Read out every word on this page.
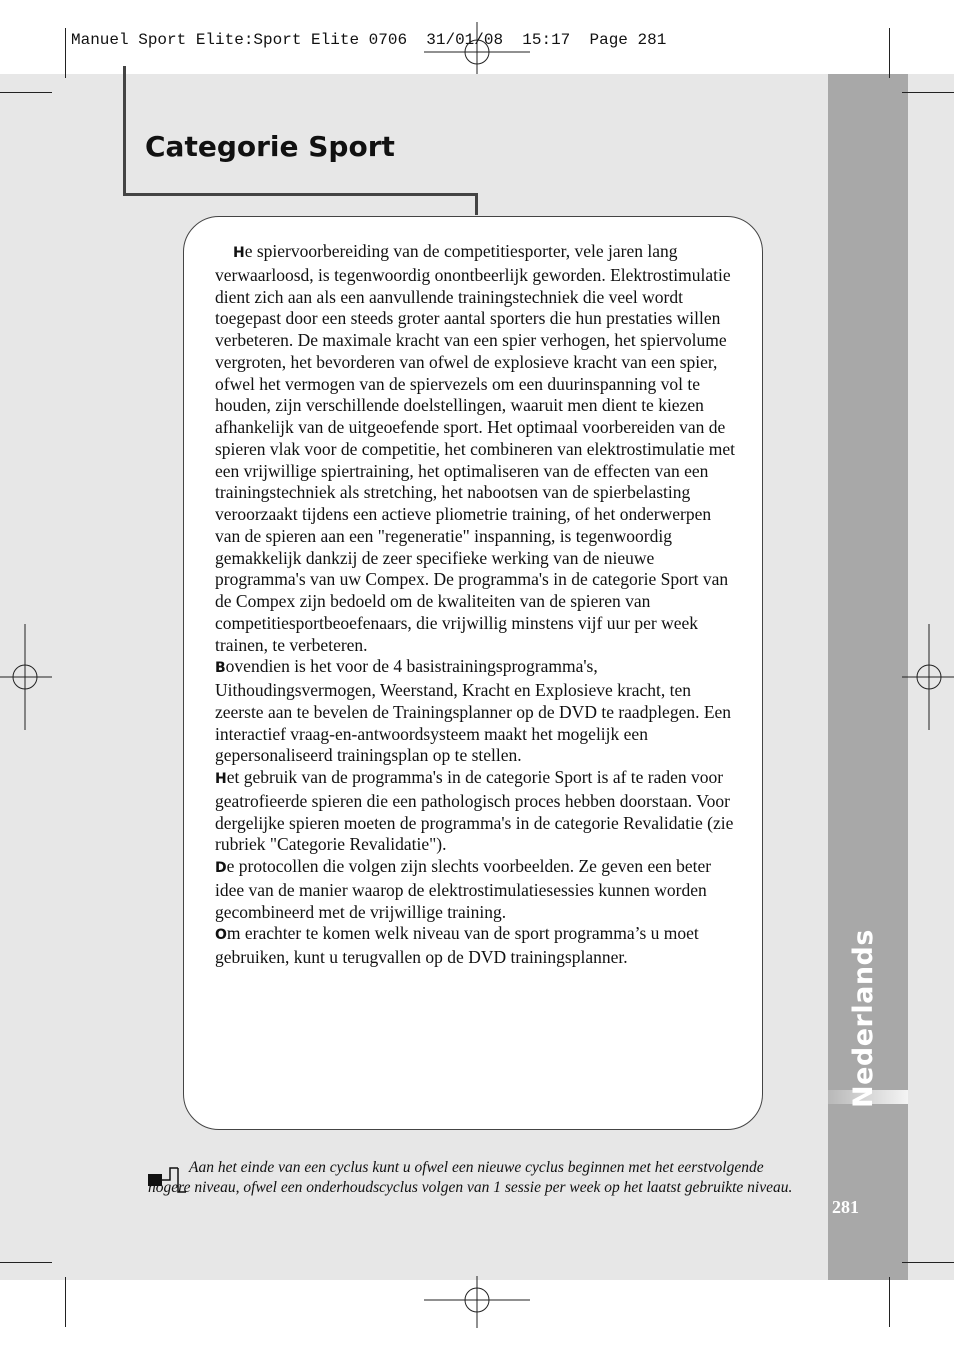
Manuel Sport Elite:Sport Elite 0706  31/01/08  15:17  Page 281
Nederlands
281
Categorie Sport

He spiervoorbereiding van de competitiesporter, vele jaren lang verwaarloosd, is tegenwoordig onontbeerlijk geworden. Elektrostimulatie dient zich aan als een aanvullende trainingstechniek die veel wordt toegepast door een steeds groter aantal sporters die hun prestaties willen verbeteren. De maximale kracht van een spier verhogen, het spiervolume vergroten, het bevorderen van ofwel de explosieve kracht van een spier, ofwel het vermogen van de spiervezels om een duurinspanning vol te houden, zijn verschillende doelstellingen, waaruit men dient te kiezen afhankelijk van de uitgeoefende sport. Het optimaal voorbereiden van de spieren vlak voor de competitie, het combineren van elektrostimulatie met een vrijwillige spiertraining, het optimaliseren van de effecten van een trainingstechniek als stretching, het nabootsen van de spierbelasting veroorzaakt tijdens een actieve pliometrie training, of het onderwerpen van de spieren aan een "regeneratie" inspanning, is tegenwoordig gemakkelijk dankzij de zeer specifieke werking van de nieuwe programma's van uw Compex. De programma's in de categorie Sport van de Compex zijn bedoeld om de kwaliteiten van de spieren van competitiesportbeoefenaars, die vrijwillig minstens vijf uur per week trainen, te verbeteren.

Bovendien is het voor de 4 basistrainingsprogramma's, Uithoudingsvermogen, Weerstand, Kracht en Explosieve kracht, ten zeerste aan te bevelen de Trainingsplanner op de DVD te raadplegen. Een interactief vraag-en-antwoordsysteem maakt het mogelijk een gepersonaliseerd trainingsplan op te stellen.

Het gebruik van de programma's in de categorie Sport is af te raden voor geatrofieerde spieren die een pathologisch proces hebben doorstaan. Voor dergelijke spieren moeten de programma's in de categorie Revalidatie (zie rubriek "Categorie Revalidatie").

De protocollen die volgen zijn slechts voorbeelden. Ze geven een beter idee van de manier waarop de elektrostimulatiesessies kunnen worden gecombineerd met de vrijwillige training.

Om erachter te komen welk niveau van de sport programma’s u moet gebruiken, kunt u terugvallen op de DVD trainingsplanner.

Aan het einde van een cyclus kunt u ofwel een nieuwe cyclus beginnen met het eerstvolgende hogere niveau, ofwel een onderhoudscyclus volgen van 1 sessie per week op het laatst gebruikte niveau.
